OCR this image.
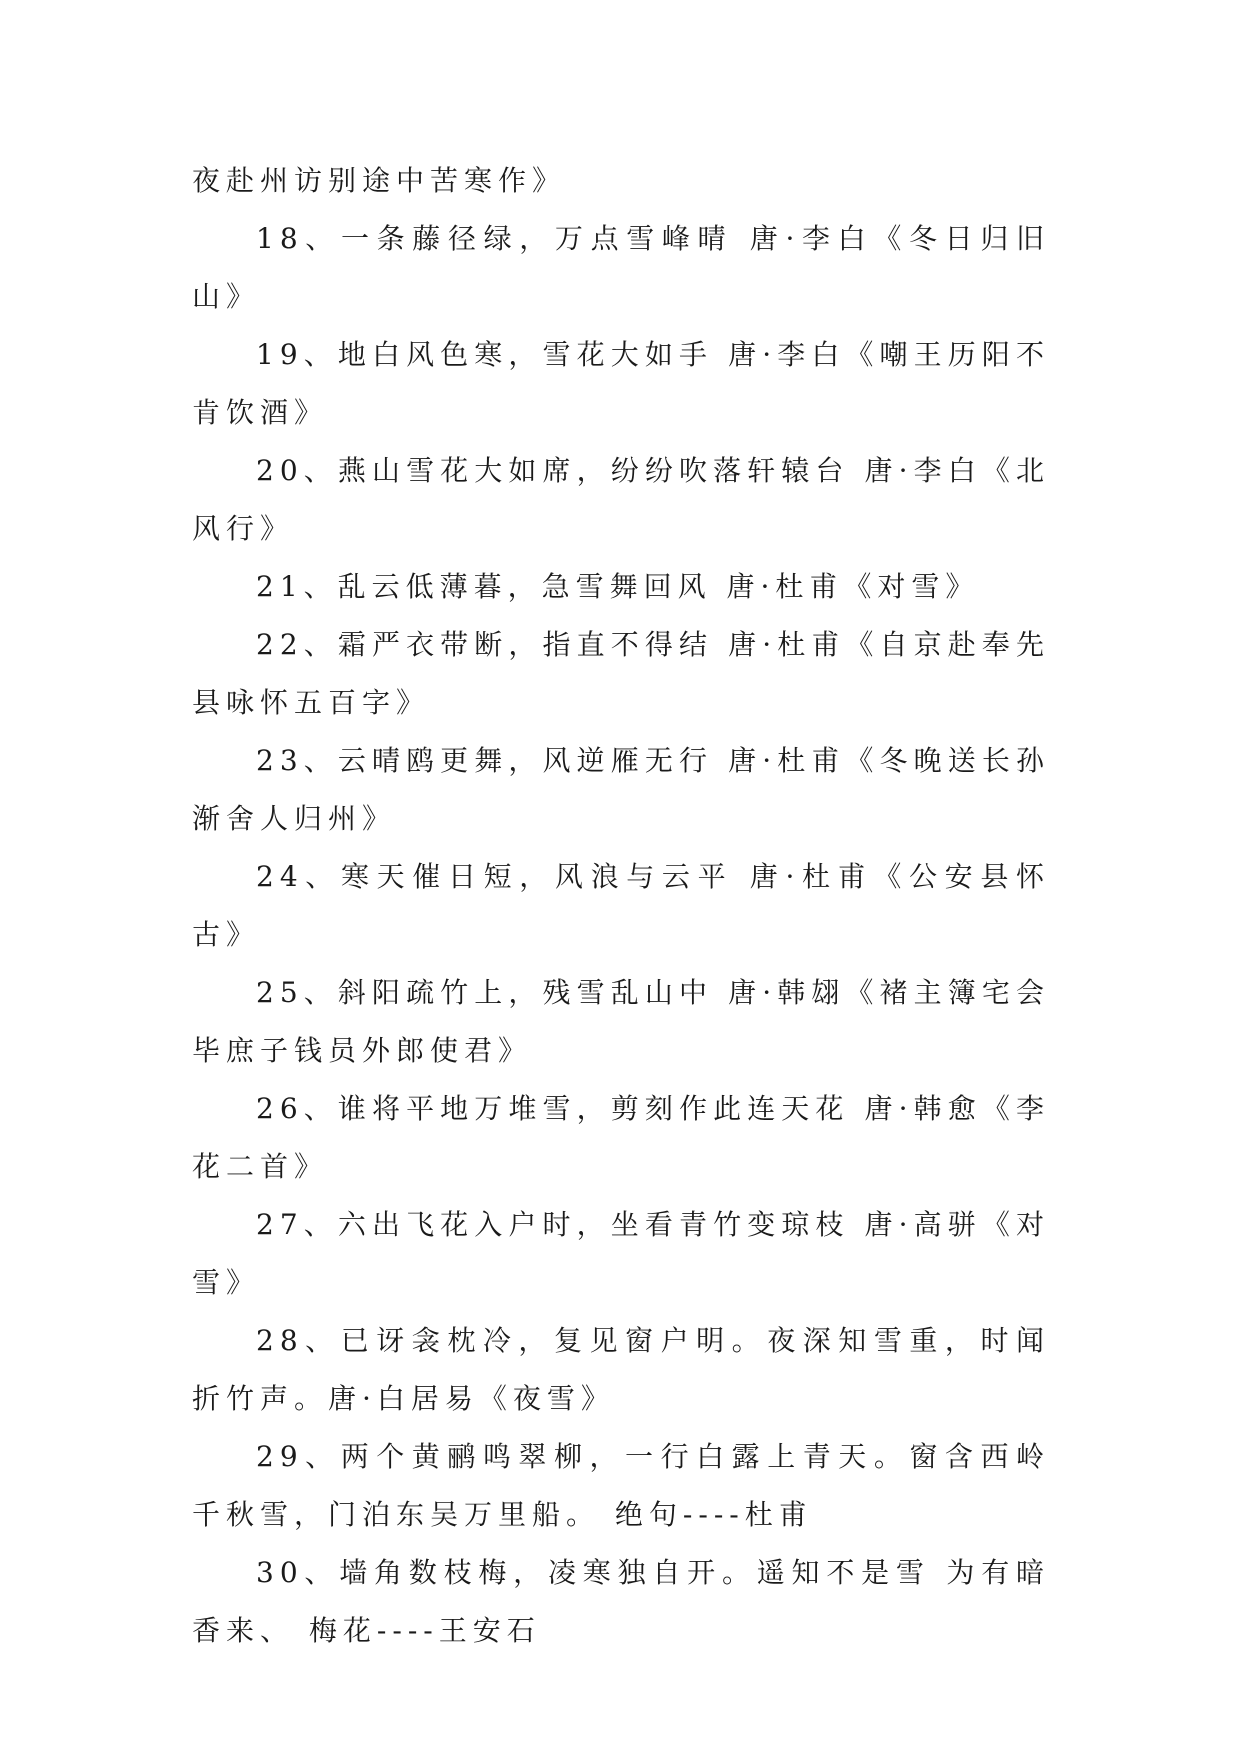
夜赴州访别途中苦寒作》

18、一条藤径绿，万点雪峰晴 唐·李白《冬日归旧山》

19、地白风色寒，雪花大如手 唐·李白《嘲王历阳不肯饮酒》

20、燕山雪花大如席，纷纷吹落轩辕台 唐·李白《北风行》

21、乱云低薄暮，急雪舞回风 唐·杜甫《对雪》

22、霜严衣带断，指直不得结 唐·杜甫《自京赴奉先县咏怀五百字》

23、云晴鸥更舞，风逆雁无行 唐·杜甫《冬晚送长孙渐舍人归州》

24、寒天催日短，风浪与云平 唐·杜甫《公安县怀古》

25、斜阳疏竹上，残雪乱山中 唐·韩翃《褚主簿宅会毕庶子钱员外郎使君》

26、谁将平地万堆雪，剪刻作此连天花 唐·韩愈《李花二首》

27、六出飞花入户时，坐看青竹变琼枝 唐·高骈《对雪》

28、已讶衾枕冷，复见窗户明。夜深知雪重，时闻折竹声。唐·白居易《夜雪》

29、两个黄鹂鸣翠柳，一行白露上青天。窗含西岭千秋雪，门泊东吴万里船。 绝句----杜甫

30、墙角数枝梅，凌寒独自开。遥知不是雪 为有暗香来、 梅花----王安石
